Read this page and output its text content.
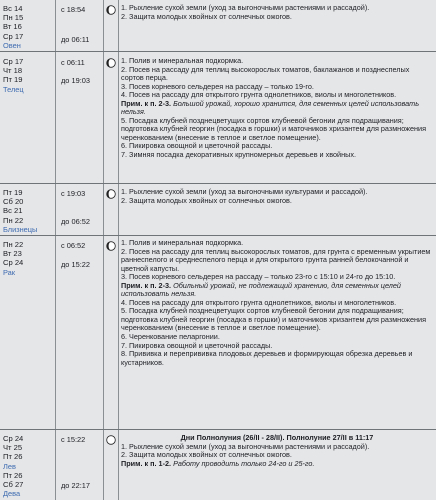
Вс 14
Пн 15
Вт 16
Ср 17
Овен
с 18:54
до 06:11

1. Рыхление сухой земли (уход за выгоночными растениями и рассадой).

2. Защита молодых хвойных от солнечных ожогов.

Ср 17
Чт 18
Пт 19
Телец
с 06:11
до 19:03

1. Полив и минеральная подкормка.

2. Посев на рассаду для теплиц высокорослых томатов, баклажанов и позднеспелых сортов перца.

3. Посев корневого сельдерея на рассаду – только 19-го.

4. Посев на рассаду для открытого грунта однолетников, виолы и многолетников.

Прим. к п. 2-3. Большой урожай, хорошо хранится, для семенных целей использовать нельзя.

5. Посадка клубней позднецветущих сортов клубневой бегонии для подращивания; подготовка клубней георгин (посадка в горшки) и маточников хризантем для размножения черенкованием (внесение в теплое и светлое помещение).

6. Пикировка овощной и цветочной рассады.

7. Зимняя посадка декоративных крупномерных деревьев и хвойных.

Пт 19
Сб 20
Вс 21
Пн 22
Близнецы
с 19:03
до 06:52

1. Рыхление сухой земли (уход за выгоночными культурами и рассадой).

2. Защита молодых хвойных от солнечных ожогов.

Пн 22
Вт 23
Ср 24
Рак
с 06:52
до 15:22

1. Полив и минеральная подкормка.

2. Посев на рассаду для теплиц высокорослых томатов, для грунта с временным укрытием раннеспелого и среднеспелого перца и для открытого грунта ранней белокочанной и цветной капусты.

3. Посев корневого сельдерея на рассаду – только 23-го с 15:10 и 24-го до 15:10.

Прим. к п. 2-3. Обильный урожай, не подлежащий хранению, для семенных целей использовать нельзя.

4. Посев на рассаду для открытого грунта однолетников, виолы и многолетников.

5. Посадка клубней позднецветущих сортов клубневой бегонии для подращивания; подготовка клубней георгин (посадка в горшки) и маточников хризантем для размножения черенкованием (внесение в теплое и светлое помещение).

6. Черенкование пеларгонии.

7. Пикировка овощной и цветочной рассады.

8. Прививка и перепрививка плодовых деревьев и формирующая обрезка деревьев и кустарников.

Ср 24
Чт 25
Пт 26
Лев
Пт 26
Сб 27
Дева
с 15:22
до 22:17

Дни Полнолуния (26/II - 28/II). Полнолуние 27/II в 11:17

1. Рыхление сухой земли (уход за выгоночными растениями и рассадой).

2. Защита молодых хвойных от солнечных ожогов.

Прим. к п. 1-2. Работу проводить только 24-го и 25-го.
